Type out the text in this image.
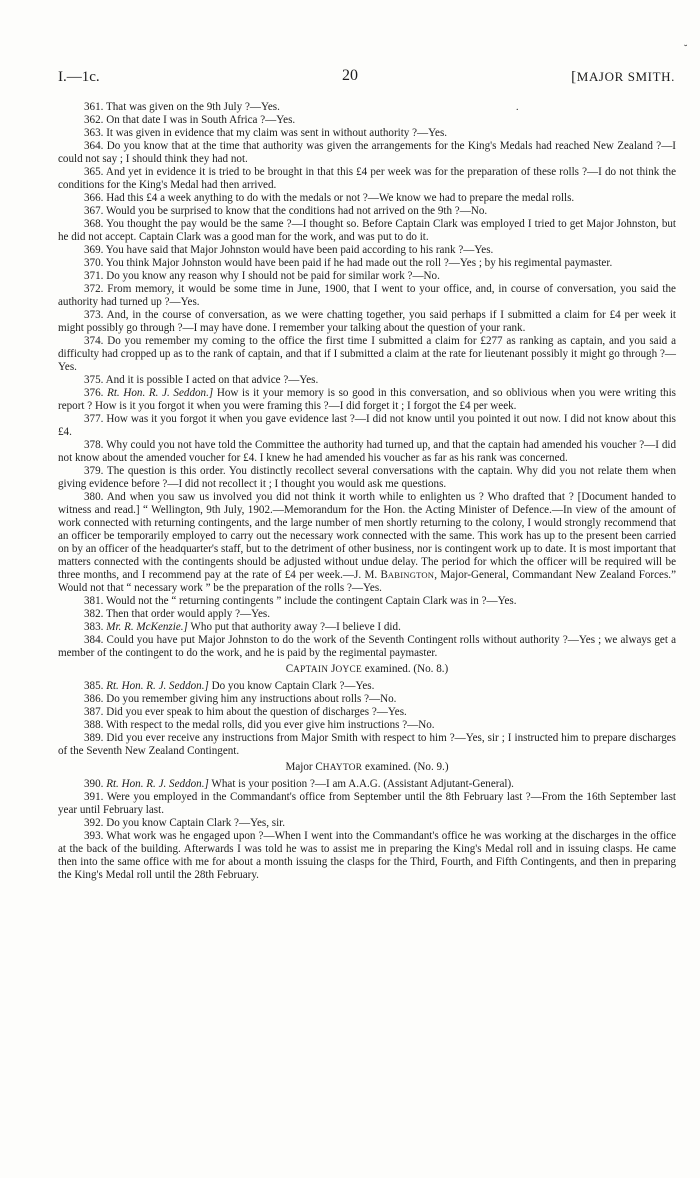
˘
.
I.—1c.	20	[MAJOR SMITH.

361. That was given on the 9th July ?—Yes.

362. On that date I was in South Africa ?—Yes.

363. It was given in evidence that my claim was sent in without authority ?—Yes.

364. Do you know that at the time that authority was given the arrangements for the King's Medals had reached New Zealand ?—I could not say ; I should think they had not.

365. And yet in evidence it is tried to be brought in that this £4 per week was for the preparation of these rolls ?—I do not think the conditions for the King's Medal had then arrived.

366. Had this £4 a week anything to do with the medals or not ?—We know we had to prepare the medal rolls.

367. Would you be surprised to know that the conditions had not arrived on the 9th ?—No.

368. You thought the pay would be the same ?—I thought so. Before Captain Clark was employed I tried to get Major Johnston, but he did not accept. Captain Clark was a good man for the work, and was put to do it.

369. You have said that Major Johnston would have been paid according to his rank ?—Yes.

370. You think Major Johnston would have been paid if he had made out the roll ?—Yes ; by his regimental paymaster.

371. Do you know any reason why I should not be paid for similar work ?—No.

372. From memory, it would be some time in June, 1900, that I went to your office, and, in course of conversation, you said the authority had turned up ?—Yes.

373. And, in the course of conversation, as we were chatting together, you said perhaps if I submitted a claim for £4 per week it might possibly go through ?—I may have done. I remember your talking about the question of your rank.

374. Do you remember my coming to the office the first time I submitted a claim for £277 as ranking as captain, and you said a difficulty had cropped up as to the rank of captain, and that if I submitted a claim at the rate for lieutenant possibly it might go through ?—Yes.

375. And it is possible I acted on that advice ?—Yes.

376. Rt. Hon. R. J. Seddon.] How is it your memory is so good in this conversation, and so oblivious when you were writing this report ? How is it you forgot it when you were framing this ?—I did forget it ; I forgot the £4 per week.

377. How was it you forgot it when you gave evidence last ?—I did not know until you pointed it out now. I did not know about this £4.

378. Why could you not have told the Committee the authority had turned up, and that the captain had amended his voucher ?—I did not know about the amended voucher for £4. I knew he had amended his voucher as far as his rank was concerned.

379. The question is this order. You distinctly recollect several conversations with the captain. Why did you not relate them when giving evidence before ?—I did not recollect it ; I thought you would ask me questions.

380. And when you saw us involved you did not think it worth while to enlighten us ? Who drafted that ? [Document handed to witness and read.] “ Wellington, 9th July, 1902.—Memorandum for the Hon. the Acting Minister of Defence.—In view of the amount of work connected with returning contingents, and the large number of men shortly returning to the colony, I would strongly recommend that an officer be temporarily employed to carry out the necessary work connected with the same. This work has up to the present been carried on by an officer of the headquarter's staff, but to the detriment of other business, nor is contingent work up to date. It is most important that matters connected with the contingents should be adjusted without undue delay. The period for which the officer will be required will be three months, and I recommend pay at the rate of £4 per week.—J. M. BABINGTON, Major-General, Commandant New Zealand Forces.” Would not that “ necessary work ” be the preparation of the rolls ?—Yes.

381. Would not the “ returning contingents ” include the contingent Captain Clark was in ?—Yes.

382. Then that order would apply ?—Yes.

383. Mr. R. McKenzie.] Who put that authority away ?—I believe I did.

384. Could you have put Major Johnston to do the work of the Seventh Contingent rolls without authority ?—Yes ; we always get a member of the contingent to do the work, and he is paid by the regimental paymaster.

CAPTAIN JOYCE examined. (No. 8.)

385. Rt. Hon. R. J. Seddon.] Do you know Captain Clark ?—Yes.

386. Do you remember giving him any instructions about rolls ?—No.

387. Did you ever speak to him about the question of discharges ?—Yes.

388. With respect to the medal rolls, did you ever give him instructions ?—No.

389. Did you ever receive any instructions from Major Smith with respect to him ?—Yes, sir ; I instructed him to prepare discharges of the Seventh New Zealand Contingent.

Major CHAYTOR examined. (No. 9.)

390. Rt. Hon. R. J. Seddon.] What is your position ?—I am A.A.G. (Assistant Adjutant-General).

391. Were you employed in the Commandant's office from September until the 8th February last ?—From the 16th September last year until February last.

392. Do you know Captain Clark ?—Yes, sir.

393. What work was he engaged upon ?—When I went into the Commandant's office he was working at the discharges in the office at the back of the building. Afterwards I was told he was to assist me in preparing the King's Medal roll and in issuing clasps. He came then into the same office with me for about a month issuing the clasps for the Third, Fourth, and Fifth Contingents, and then in preparing the King's Medal roll until the 28th February.
